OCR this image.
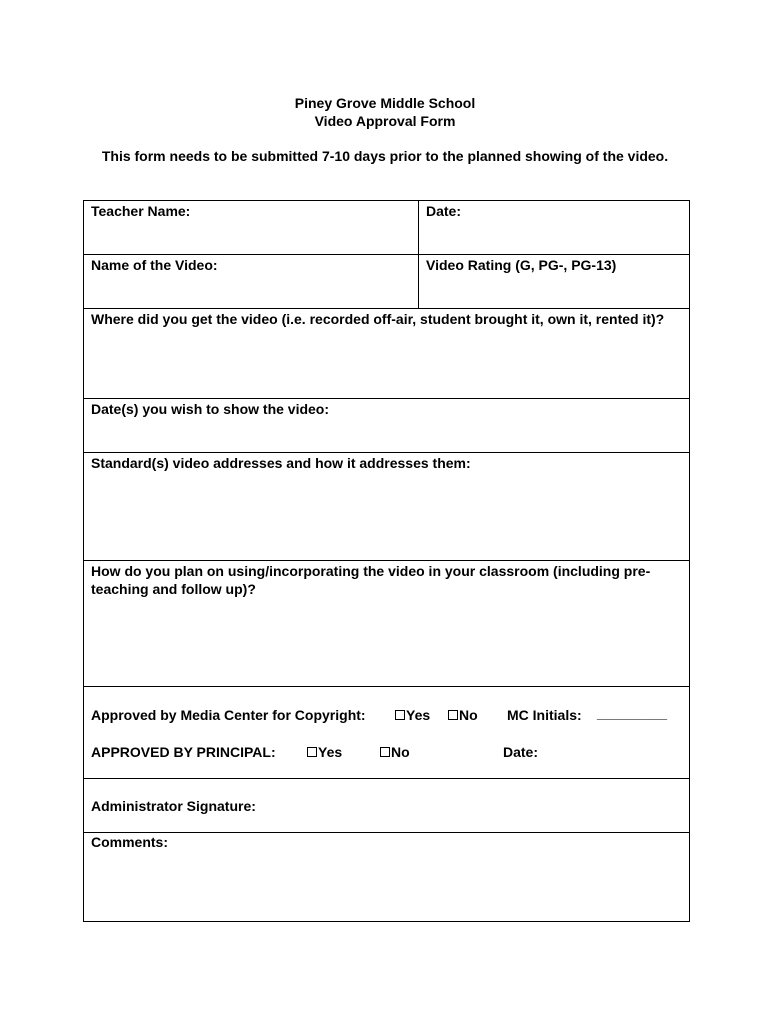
Piney Grove Middle School
Video Approval Form
This form needs to be submitted 7-10 days prior to the planned showing of the video.
Teacher Name:	Date:
Name of the Video:	Video Rating (G, PG-, PG-13)
Where did you get the video (i.e. recorded off-air, student brought it, own it, rented it)?
Date(s) you wish to show the video:
Standard(s) video addresses and how it addresses them:
How do you plan on using/incorporating the video in your classroom (including pre-teaching and follow up)?
Approved by Media Center for Copyright:	Yes	No MC Initials: _________
APPROVED BY PRINCIPAL:	Yes	No	Date:
Administrator Signature:
Comments:
